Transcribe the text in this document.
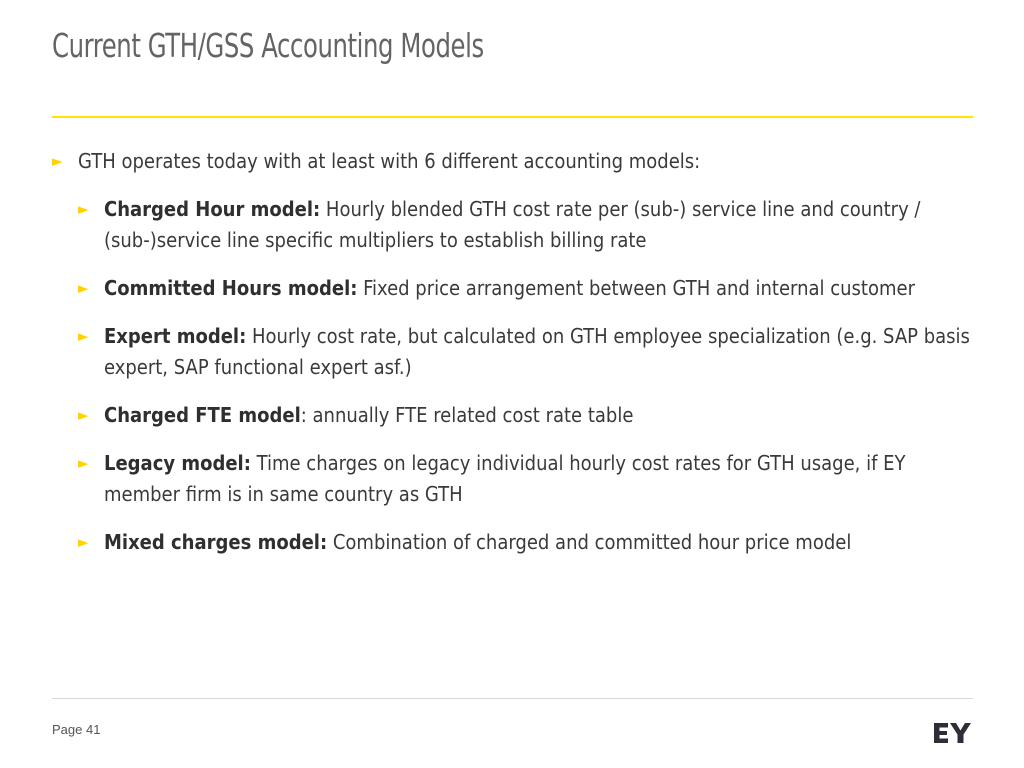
Current GTH/GSS Accounting Models
► GTH operates today with at least with 6 different accounting models:
► Charged Hour model: Hourly blended GTH cost rate per (sub-) service line and country / (sub-)service line specific multipliers to establish billing rate
► Committed Hours model: Fixed price arrangement between GTH and internal customer
► Expert model: Hourly cost rate, but calculated on GTH employee specialization (e.g. SAP basis expert, SAP functional expert asf.)
► Charged FTE model: annually FTE related cost rate table
► Legacy model: Time charges on legacy individual hourly cost rates for GTH usage, if EY member firm is in same country as GTH
► Mixed charges model: Combination of charged and committed hour price model
Page 41
